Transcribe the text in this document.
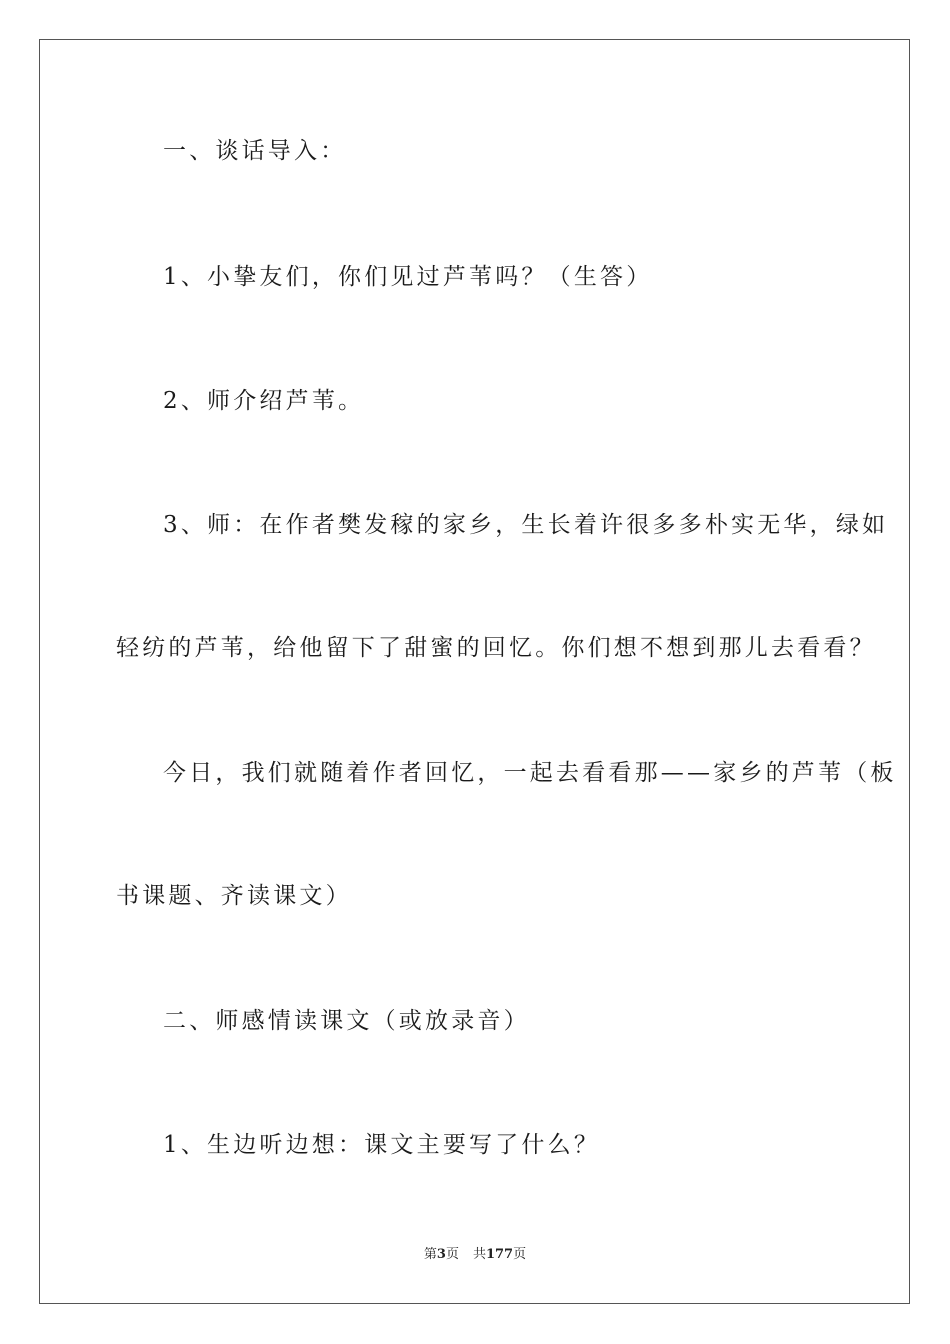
一、谈话导入：
1、小挚友们，你们见过芦苇吗？（生答）
2、师介绍芦苇。
3、师：在作者樊发稼的家乡，生长着许很多多朴实无华，绿如
轻纺的芦苇，给他留下了甜蜜的回忆。你们想不想到那儿去看看？
今日，我们就随着作者回忆，一起去看看那——家乡的芦苇（板
书课题、齐读课文）
二、师感情读课文（或放录音）
1、生边听边想：课文主要写了什么？
第3页 共177页
